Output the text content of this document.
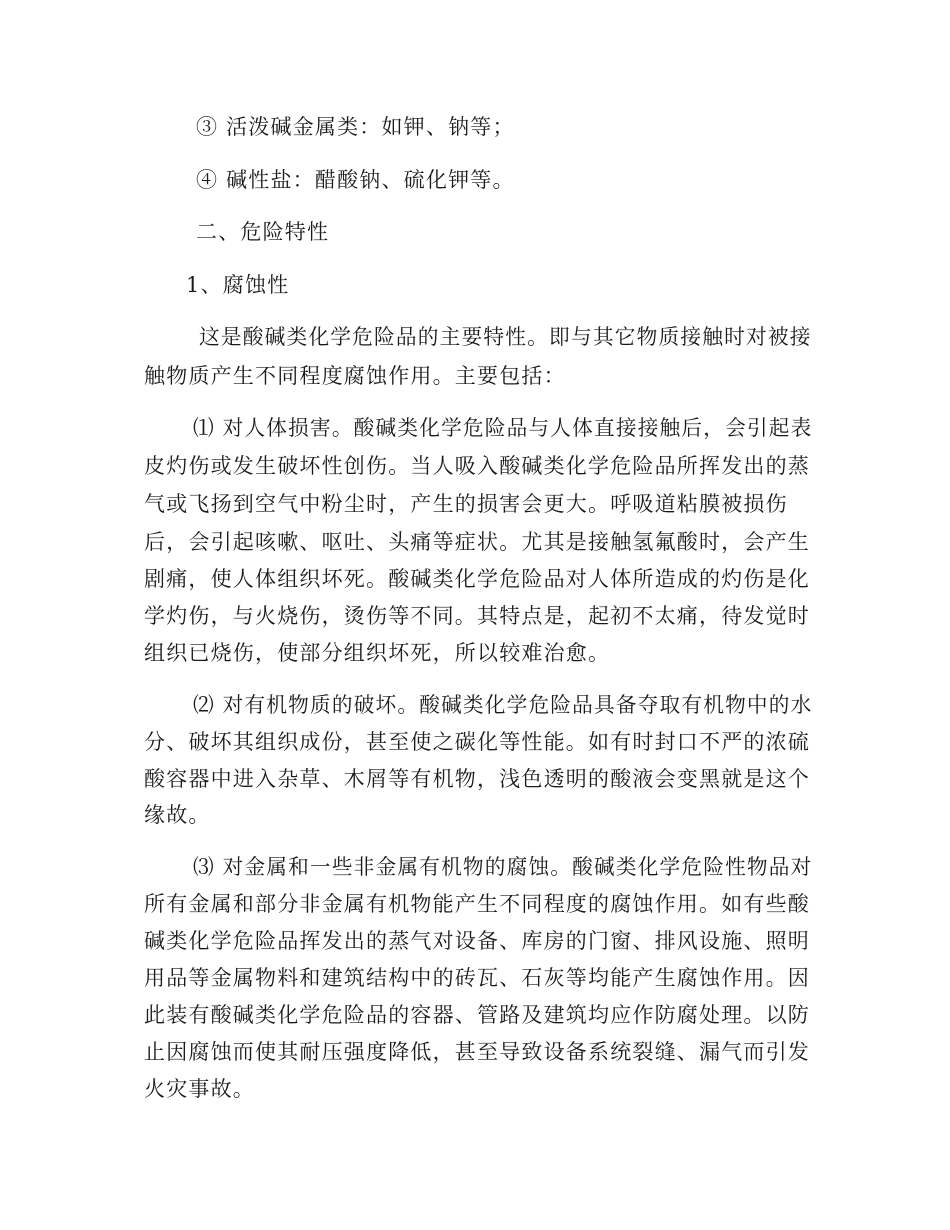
③ 活泼碱金属类：如钾、钠等；
④ 碱性盐：醋酸钠、硫化钾等。
二、危险特性
1、腐蚀性
这是酸碱类化学危险品的主要特性。即与其它物质接触时对被接
触物质产生不同程度腐蚀作用。主要包括：
⑴ 对人体损害。酸碱类化学危险品与人体直接接触后，会引起表
皮灼伤或发生破坏性创伤。当人吸入酸碱类化学危险品所挥发出的蒸
气或飞扬到空气中粉尘时，产生的损害会更大。呼吸道粘膜被损伤
后，会引起咳嗽、呕吐、头痛等症状。尤其是接触氢氟酸时，会产生
剧痛，使人体组织坏死。酸碱类化学危险品对人体所造成的灼伤是化
学灼伤，与火烧伤，烫伤等不同。其特点是，起初不太痛，待发觉时
组织已烧伤，使部分组织坏死，所以较难治愈。
⑵ 对有机物质的破坏。酸碱类化学危险品具备夺取有机物中的水
分、破坏其组织成份，甚至使之碳化等性能。如有时封口不严的浓硫
酸容器中进入杂草、木屑等有机物，浅色透明的酸液会变黑就是这个
缘故。
⑶ 对金属和一些非金属有机物的腐蚀。酸碱类化学危险性物品对
所有金属和部分非金属有机物能产生不同程度的腐蚀作用。如有些酸
碱类化学危险品挥发出的蒸气对设备、库房的门窗、排风设施、照明
用品等金属物料和建筑结构中的砖瓦、石灰等均能产生腐蚀作用。因
此装有酸碱类化学危险品的容器、管路及建筑均应作防腐处理。以防
止因腐蚀而使其耐压强度降低，甚至导致设备系统裂缝、漏气而引发
火灾事故。
